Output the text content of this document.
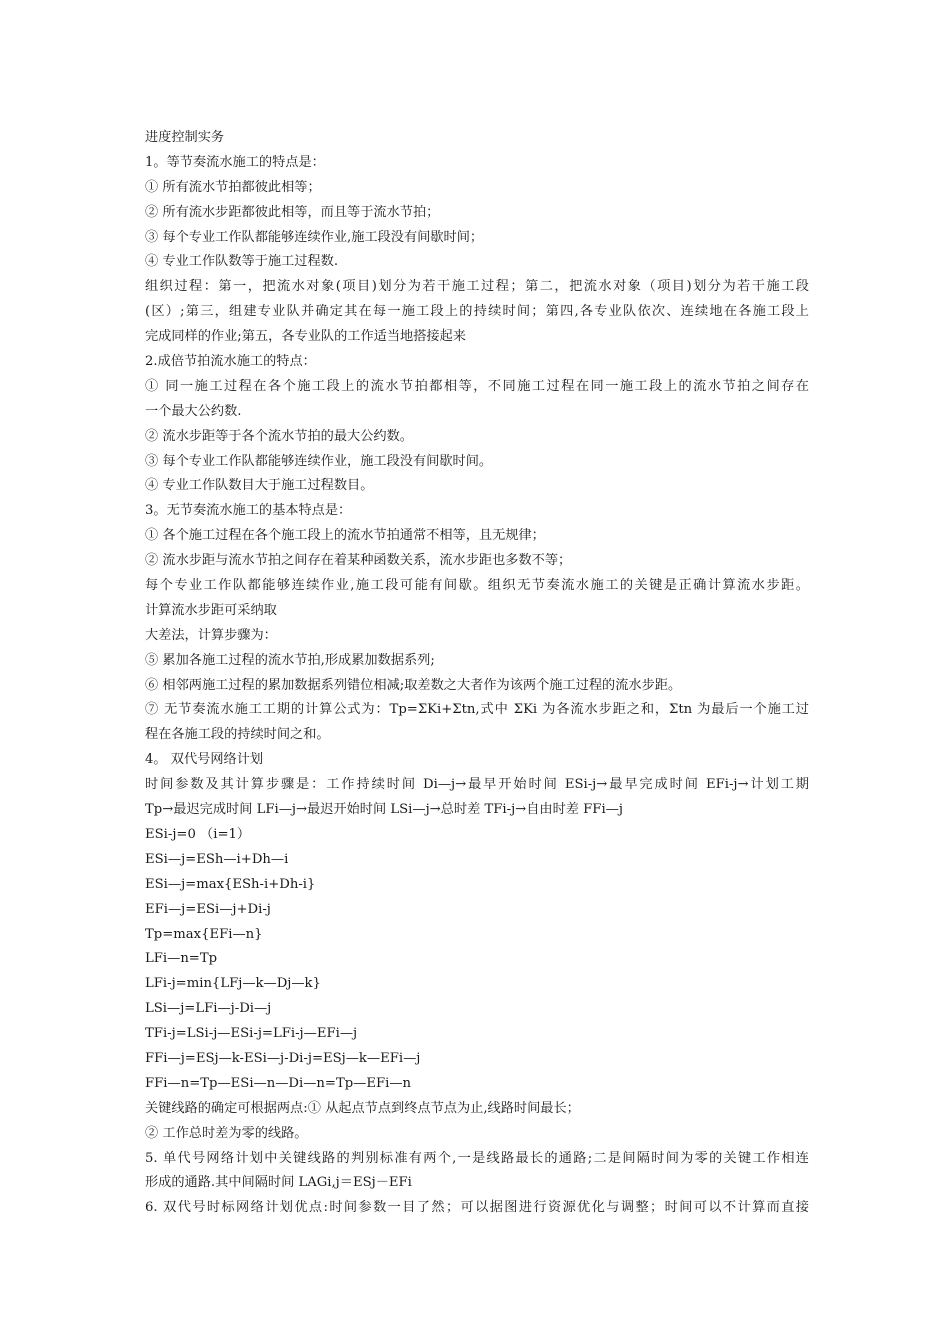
进度控制实务
1。等节奏流水施工的特点是：
① 所有流水节拍都彼此相等；
② 所有流水步距都彼此相等，而且等于流水节拍；
③ 每个专业工作队都能够连续作业,施工段没有间歇时间；
④ 专业工作队数等于施工过程数.
组织过程：第一，把流水对象(项目)划分为若干施工过程；第二，把流水对象（项目)划分为若干施工段
(区）;第三，组建专业队并确定其在每一施工段上的持续时间；第四,各专业队依次、连续地在各施工段上
完成同样的作业;第五，各专业队的工作适当地搭接起来
2.成倍节拍流水施工的特点：
① 同一施工过程在各个施工段上的流水节拍都相等，不同施工过程在同一施工段上的流水节拍之间存在
一个最大公约数.
② 流水步距等于各个流水节拍的最大公约数。
③ 每个专业工作队都能够连续作业，施工段没有间歇时间。
④ 专业工作队数目大于施工过程数目。
3。无节奏流水施工的基本特点是：
① 各个施工过程在各个施工段上的流水节拍通常不相等，且无规律；
② 流水步距与流水节拍之间存在着某种函数关系，流水步距也多数不等；
每个专业工作队都能够连续作业,施工段可能有间歇。组织无节奏流水施工的关键是正确计算流水步距。
计算流水步距可采纳取
大差法，计算步骤为：
⑤ 累加各施工过程的流水节拍,形成累加数据系列;
⑥ 相邻两施工过程的累加数据系列错位相减;取差数之大者作为该两个施工过程的流水步距。
⑦ 无节奏流水施工工期的计算公式为：Tp=ΣKi+Σtn,式中 ΣKi 为各流水步距之和，Σtn 为最后一个施工过
程在各施工段的持续时间之和。
4。 双代号网络计划
时间参数及其计算步骤是：工作持续时间 Di—j→最早开始时间 ESi-j→最早完成时间 EFi-j→计划工期
Tp→最迟完成时间 LFi—j→最迟开始时间 LSi—j→总时差 TFi-j→自由时差 FFi—j
ESi-j=0 （i=1）
ESi—j=ESh—i+Dh—i
ESi—j=max{ESh-i+Dh-i}
EFi—j=ESi—j+Di-j
Tp=max{EFi—n}
LFi—n=Tp
LFi-j=min{LFj—k—Dj—k}
LSi—j=LFi—j-Di—j
TFi-j=LSi-j—ESi-j=LFi-j—EFi—j
FFi—j=ESj—k-ESi—j-Di-j=ESj—k—EFi—j
FFi—n=Tp—ESi—n—Di—n=Tp—EFi—n
关键线路的确定可根据两点:① 从起点节点到终点节点为止,线路时间最长；
② 工作总时差为零的线路。
5. 单代号网络计划中关键线路的判别标准有两个,一是线路最长的通路;二是间隔时间为零的关键工作相连
形成的通路.其中间隔时间 LAGi,j＝ESj－EFi
6. 双代号时标网络计划优点:时间参数一目了然；可以据图进行资源优化与调整；时间可以不计算而直接
